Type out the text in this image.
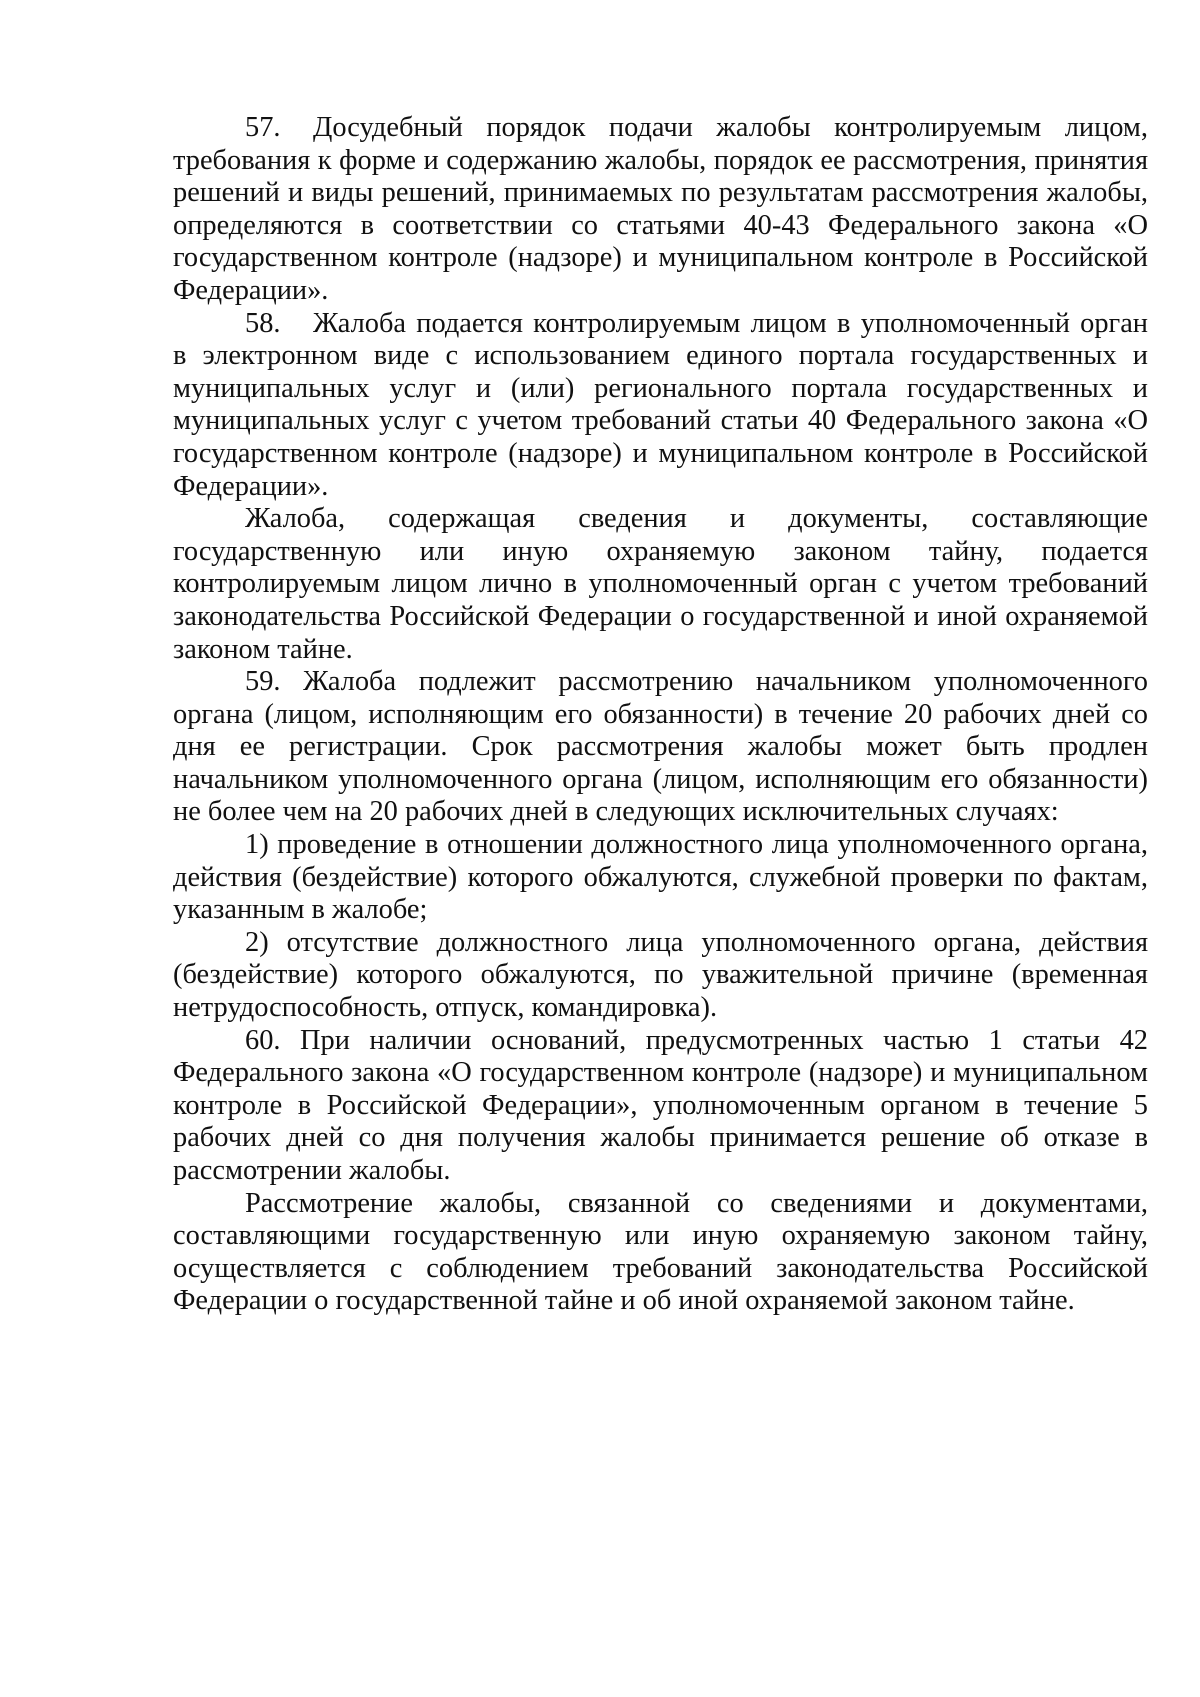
57. Досудебный порядок подачи жалобы контролируемым лицом, требования к форме и содержанию жалобы, порядок ее рассмотрения, принятия решений и виды решений, принимаемых по результатам рассмотрения жалобы, определяются в соответствии со статьями 40-43 Федерального закона «О государственном контроле (надзоре) и муниципальном контроле в Российской Федерации».

58. Жалоба подается контролируемым лицом в уполномоченный орган в электронном виде с использованием единого портала государственных и муниципальных услуг и (или) регионального портала государственных и муниципальных услуг с учетом требований статьи 40 Федерального закона «О государственном контроле (надзоре) и муниципальном контроле в Российской Федерации».

Жалоба, содержащая сведения и документы, составляющие государственную или иную охраняемую законом тайну, подается контролируемым лицом лично в уполномоченный орган с учетом требований законодательства Российской Федерации о государственной и иной охраняемой законом тайне.

59. Жалоба подлежит рассмотрению начальником уполномоченного органа (лицом, исполняющим его обязанности) в течение 20 рабочих дней со дня ее регистрации. Срок рассмотрения жалобы может быть продлен начальником уполномоченного органа (лицом, исполняющим его обязанности) не более чем на 20 рабочих дней в следующих исключительных случаях:

1) проведение в отношении должностного лица уполномоченного органа, действия (бездействие) которого обжалуются, служебной проверки по фактам, указанным в жалобе;

2) отсутствие должностного лица уполномоченного органа, действия (бездействие) которого обжалуются, по уважительной причине (временная нетрудоспособность, отпуск, командировка).

60. При наличии оснований, предусмотренных частью 1 статьи 42 Федерального закона «О государственном контроле (надзоре) и муниципальном контроле в Российской Федерации», уполномоченным органом в течение 5 рабочих дней со дня получения жалобы принимается решение об отказе в рассмотрении жалобы.

Рассмотрение жалобы, связанной со сведениями и документами, составляющими государственную или иную охраняемую законом тайну, осуществляется с соблюдением требований законодательства Российской Федерации о государственной тайне и об иной охраняемой законом тайне.
